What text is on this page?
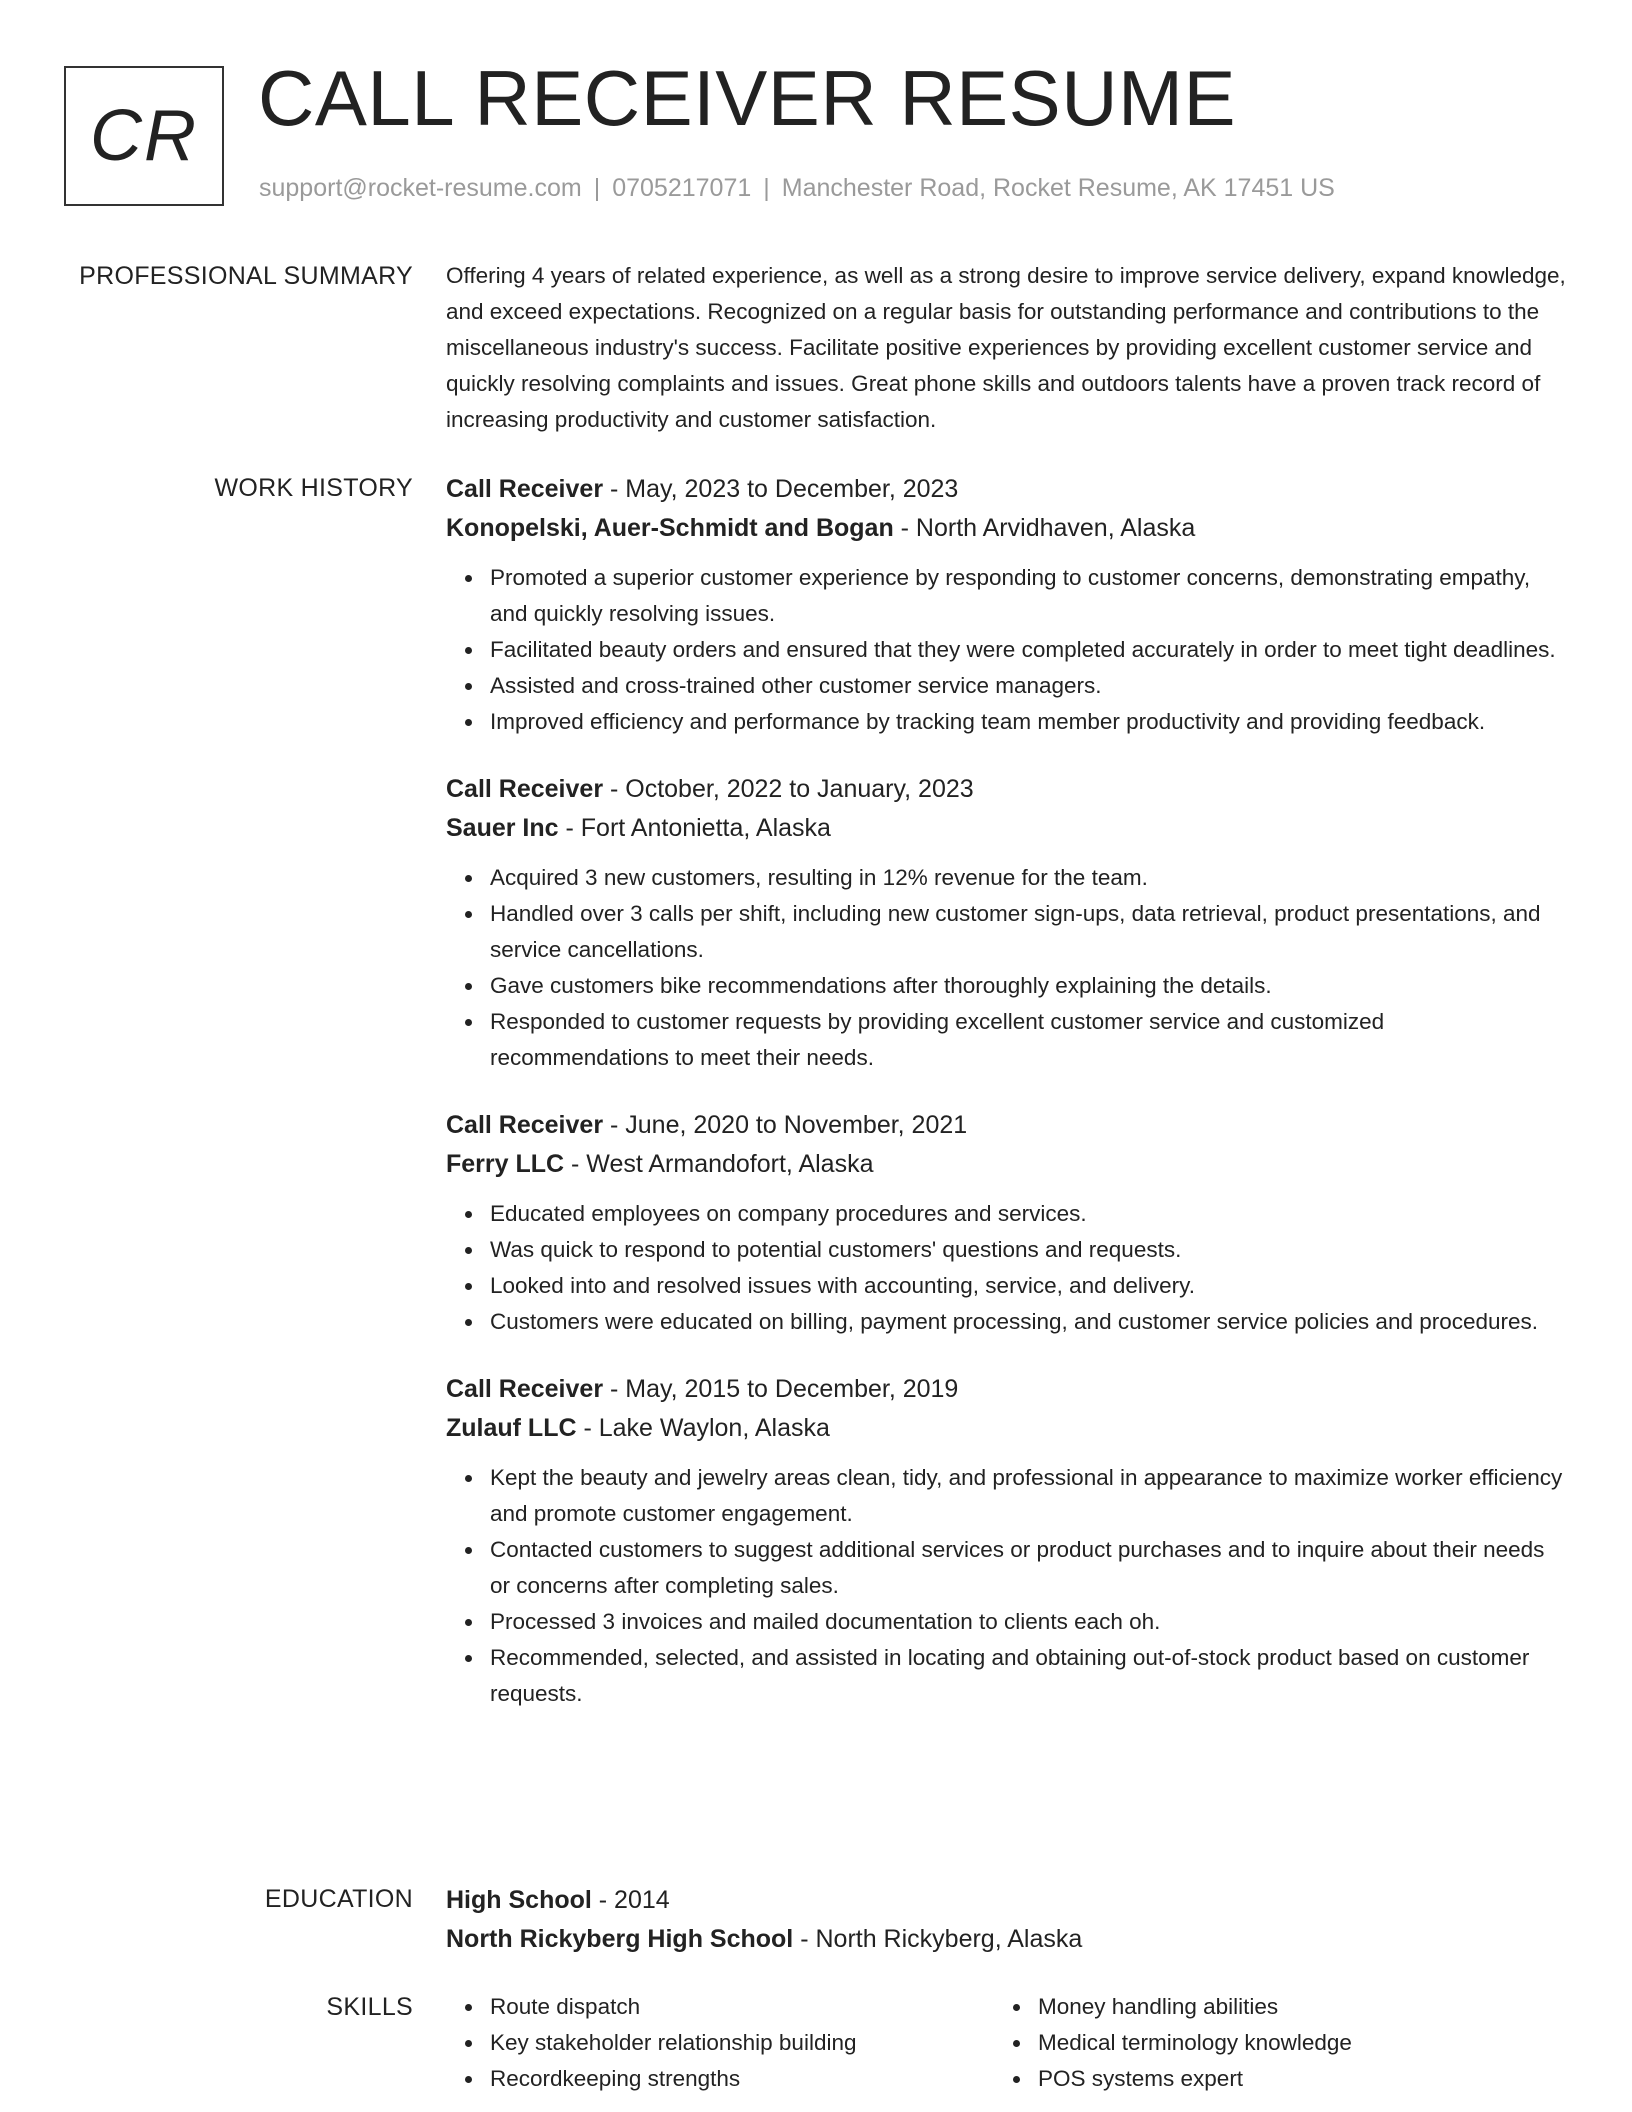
CR CALL RECEIVER RESUME
support@rocket-resume.com | 0705217071 | Manchester Road, Rocket Resume, AK 17451 US
PROFESSIONAL SUMMARY Offering 4 years of related experience, as well as a strong desire to improve service delivery, expand knowledge, and exceed expectations. Recognized on a regular basis for outstanding performance and contributions to the miscellaneous industry's success. Facilitate positive experiences by providing excellent customer service and quickly resolving complaints and issues. Great phone skills and outdoors talents have a proven track record of increasing productivity and customer satisfaction.

WORK HISTORY Call Receiver - May, 2023 to December, 2023
Konopelski, Auer-Schmidt and Bogan - North Arvidhaven, Alaska
Promoted a superior customer experience by responding to customer concerns, demonstrating empathy, and quickly resolving issues.
Facilitated beauty orders and ensured that they were completed accurately in order to meet tight deadlines.
Assisted and cross-trained other customer service managers.
Improved efficiency and performance by tracking team member productivity and providing feedback.
Call Receiver - October, 2022 to January, 2023
Sauer Inc - Fort Antonietta, Alaska
Acquired 3 new customers, resulting in 12% revenue for the team.
Handled over 3 calls per shift, including new customer sign-ups, data retrieval, product presentations, and service cancellations.
Gave customers bike recommendations after thoroughly explaining the details.
Responded to customer requests by providing excellent customer service and customized recommendations to meet their needs.
Call Receiver - June, 2020 to November, 2021
Ferry LLC - West Armandofort, Alaska
Educated employees on company procedures and services.
Was quick to respond to potential customers' questions and requests.
Looked into and resolved issues with accounting, service, and delivery.
Customers were educated on billing, payment processing, and customer service policies and procedures.
Call Receiver - May, 2015 to December, 2019
Zulauf LLC - Lake Waylon, Alaska
Kept the beauty and jewelry areas clean, tidy, and professional in appearance to maximize worker efficiency and promote customer engagement.
Contacted customers to suggest additional services or product purchases and to inquire about their needs or concerns after completing sales.
Processed 3 invoices and mailed documentation to clients each oh.
Recommended, selected, and assisted in locating and obtaining out-of-stock product based on customer requests.
EDUCATION High School - 2014
North Rickyberg High School - North Rickyberg, Alaska
SKILLS	Route dispatch
Key stakeholder relationship building
Recordkeeping strengths
Money handling abilities
Medical terminology knowledge
POS systems expert
